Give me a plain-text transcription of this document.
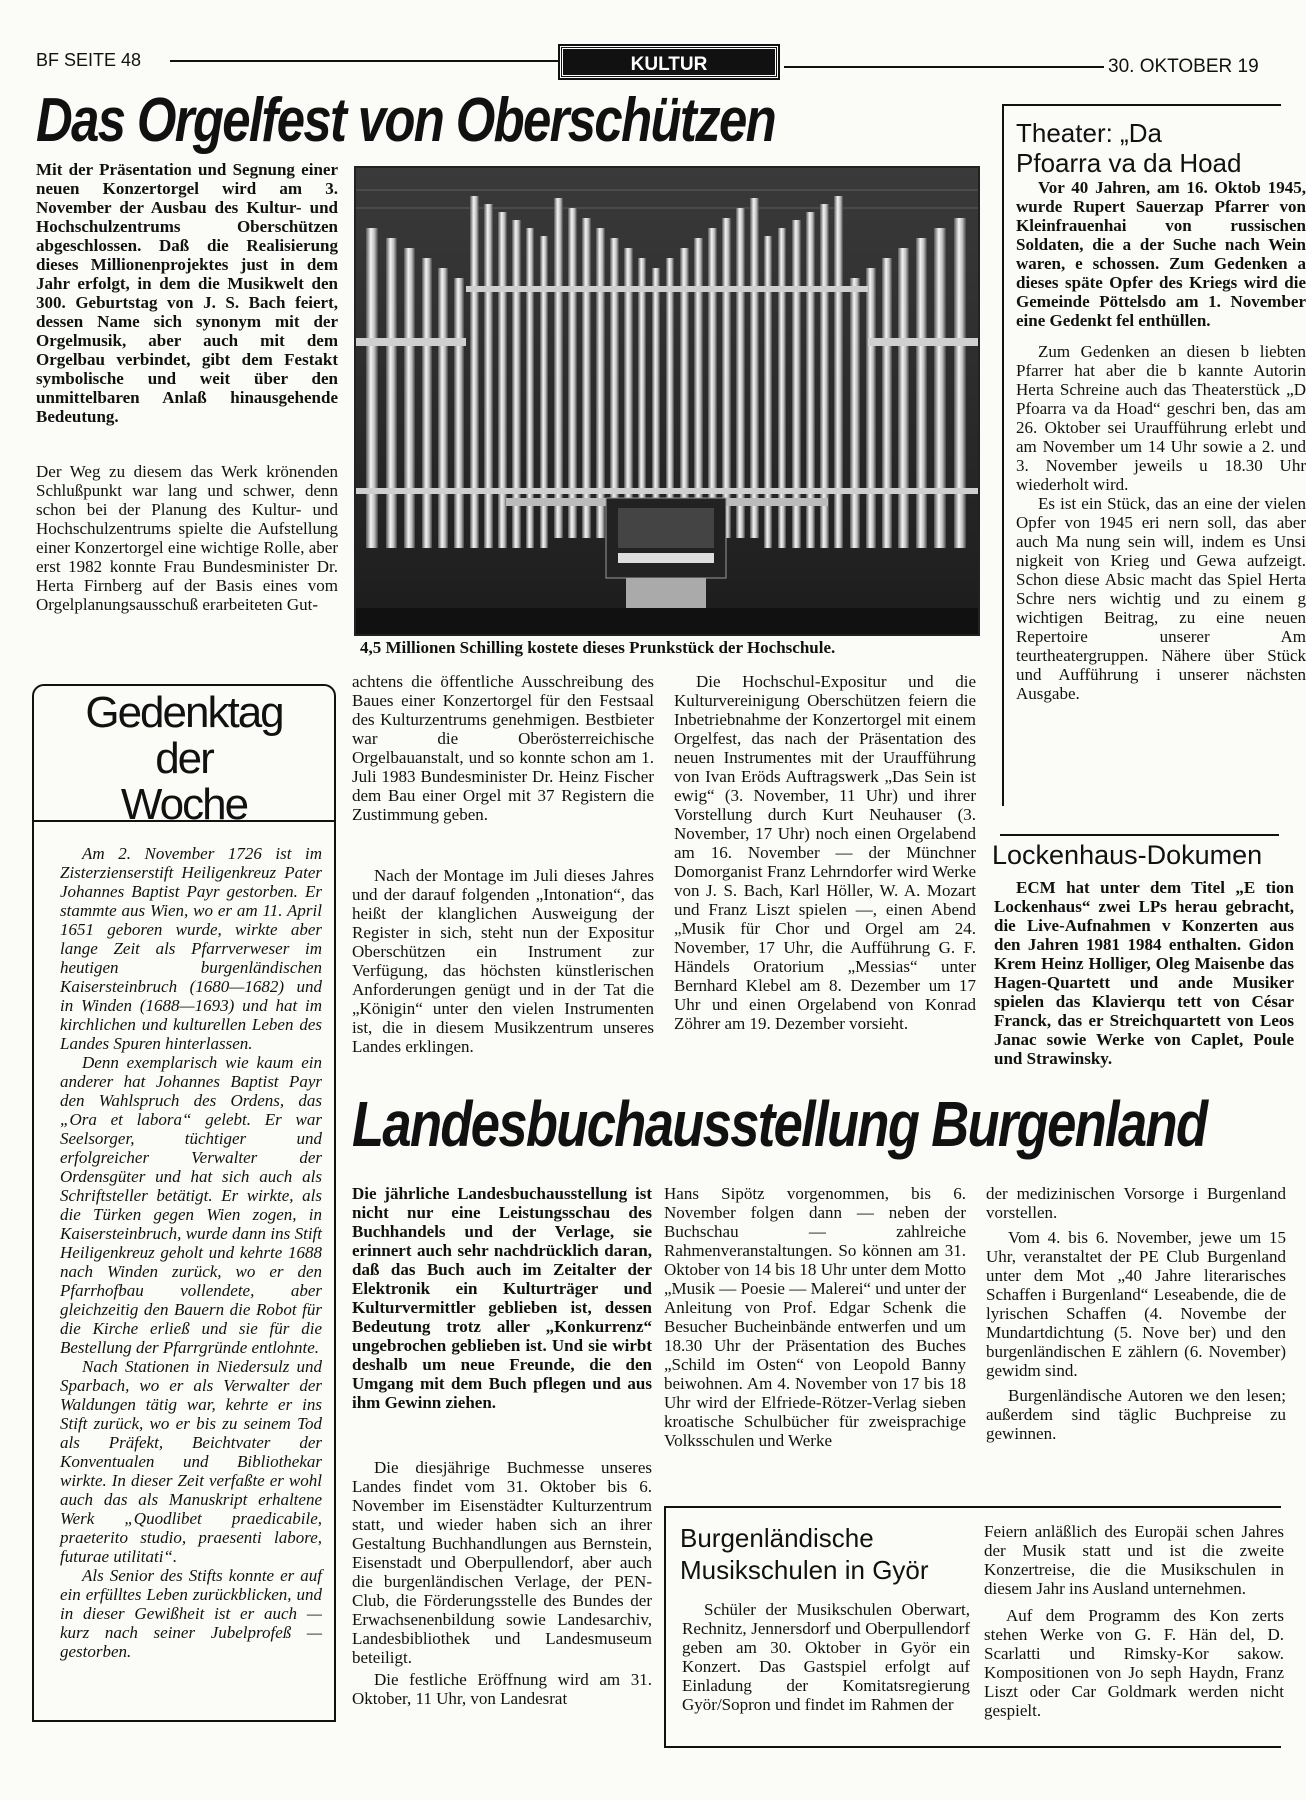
BF SEITE 48	KULTUR	30. OKTOBER 19
Das Orgelfest von Oberschützen

Mit der Präsentation und Segnung einer neuen Konzertorgel wird am 3. November der Ausbau des Kultur- und Hochschulzentrums Oberschützen abgeschlossen. Daß die Realisierung dieses Millionenprojektes just in dem Jahr erfolgt, in dem die Musikwelt den 300. Geburtstag von J. S. Bach feiert, dessen Name sich synonym mit der Orgelmusik, aber auch mit dem Orgelbau verbindet, gibt dem Festakt symbolische und weit über den unmittelbaren Anlaß hinausgehende Bedeutung.

Der Weg zu diesem das Werk krönenden Schlußpunkt war lang und schwer, denn schon bei der Planung des Kultur- und Hochschulzentrums spielte die Aufstellung einer Konzertorgel eine wichtige Rolle, aber erst 1982 konnte Frau Bundesminister Dr. Herta Firnberg auf der Basis eines vom Orgelplanungsausschuß erarbeiteten Gut-

4,5 Millionen Schilling kostete dieses Prunkstück der Hochschule.

achtens die öffentliche Ausschreibung des Baues einer Konzertorgel für den Festsaal des Kulturzentrums genehmigen. Bestbieter war die Oberösterreichische Orgelbauanstalt, und so konnte schon am 1. Juli 1983 Bundesminister Dr. Heinz Fischer dem Bau einer Orgel mit 37 Registern die Zustimmung geben.

Nach der Montage im Juli dieses Jahres und der darauf folgenden „Intonation“, das heißt der klanglichen Ausweigung der Register in sich, steht nun der Expositur Oberschützen ein Instrument zur Verfügung, das höchsten künstlerischen Anforderungen genügt und in der Tat die „Königin“ unter den vielen Instrumenten ist, die in diesem Musikzentrum unseres Landes erklingen.

Die Hochschul-Expositur und die Kulturvereinigung Oberschützen feiern die Inbetriebnahme der Konzertorgel mit einem Orgelfest, das nach der Präsentation des neuen Instrumentes mit der Uraufführung von Ivan Eröds Auftragswerk „Das Sein ist ewig“ (3. November, 11 Uhr) und ihrer Vorstellung durch Kurt Neuhauser (3. November, 17 Uhr) noch einen Orgelabend am 16. November — der Münchner Domorganist Franz Lehrndorfer wird Werke von J. S. Bach, Karl Höller, W. A. Mozart und Franz Liszt spielen —, einen Abend „Musik für Chor und Orgel am 24. November, 17 Uhr, die Aufführung G. F. Händels Oratorium „Messias“ unter Bernhard Klebel am 8. Dezember um 17 Uhr und einen Orgelabend von Konrad Zöhrer am 19. Dezember vorsieht.

Gedenktag
der
Woche

Am 2. November 1726 ist im Zisterzienserstift Heiligenkreuz Pater Johannes Baptist Payr gestorben. Er stammte aus Wien, wo er am 11. April 1651 geboren wurde, wirkte aber lange Zeit als Pfarrverweser im heutigen burgenländischen Kaisersteinbruch (1680—1682) und in Winden (1688—1693) und hat im kirchlichen und kulturellen Leben des Landes Spuren hinterlassen.

Denn exemplarisch wie kaum ein anderer hat Johannes Baptist Payr den Wahlspruch des Ordens, das „Ora et labora“ gelebt. Er war Seelsorger, tüchtiger und erfolgreicher Verwalter der Ordensgüter und hat sich auch als Schriftsteller betätigt. Er wirkte, als die Türken gegen Wien zogen, in Kaisersteinbruch, wurde dann ins Stift Heiligenkreuz geholt und kehrte 1688 nach Winden zurück, wo er den Pfarrhofbau vollendete, aber gleichzeitig den Bauern die Robot für die Kirche erließ und sie für die Bestellung der Pfarrgründe entlohnte.

Nach Stationen in Niedersulz und Sparbach, wo er als Verwalter der Waldungen tätig war, kehrte er ins Stift zurück, wo er bis zu seinem Tod als Präfekt, Beichtvater der Konventualen und Bibliothekar wirkte. In dieser Zeit verfaßte er wohl auch das als Manuskript erhaltene Werk „Quodlibet praedicabile, praeterito studio, praesenti labore, futurae utilitati“.

Als Senior des Stifts konnte er auf ein erfülltes Leben zurückblicken, und in dieser Gewißheit ist er auch — kurz nach seiner Jubelprofeß — gestorben.

Theater: „Da
Pfoarra va da Hoad

Vor 40 Jahren, am 16. Oktob 1945, wurde Rupert Sauerzap Pfarrer von Kleinfrauenhai von russischen Soldaten, die a der Suche nach Wein waren, e schossen. Zum Gedenken a dieses späte Opfer des Kriegs wird die Gemeinde Pöttelsdo am 1. November eine Gedenkt fel enthüllen.

Zum Gedenken an diesen b liebten Pfarrer hat aber die b kannte Autorin Herta Schreine auch das Theaterstück „D Pfoarra va da Hoad“ geschri ben, das am 26. Oktober sei Uraufführung erlebt und am November um 14 Uhr sowie a 2. und 3. November jeweils u 18.30 Uhr wiederholt wird.

Es ist ein Stück, das an eine der vielen Opfer von 1945 eri nern soll, das aber auch Ma nung sein will, indem es Unsi nigkeit von Krieg und Gewa aufzeigt. Schon diese Absic macht das Spiel Herta Schre ners wichtig und zu einem g wichtigen Beitrag, zu eine neuen Repertoire unserer Am teurtheatergruppen. Nähere über Stück und Aufführung i unserer nächsten Ausgabe.

Lockenhaus-Dokumen

ECM hat unter dem Titel „E tion Lockenhaus“ zwei LPs herau gebracht, die Live-Aufnahmen v Konzerten aus den Jahren 1981 1984 enthalten. Gidon Krem Heinz Holliger, Oleg Maisenbe das Hagen-Quartett und ande Musiker spielen das Klavierqu tett von César Franck, das er Streichquartett von Leos Janac sowie Werke von Caplet, Poule und Strawinsky.

Landesbuchausstellung Burgenland

Die jährliche Landesbuchausstellung ist nicht nur eine Leistungsschau des Buchhandels und der Verlage, sie erinnert auch sehr nachdrücklich daran, daß das Buch auch im Zeitalter der Elektronik ein Kulturträger und Kulturvermittler geblieben ist, dessen Bedeutung trotz aller „Konkurrenz“ ungebrochen geblieben ist. Und sie wirbt deshalb um neue Freunde, die den Umgang mit dem Buch pflegen und aus ihm Gewinn ziehen.

Die diesjährige Buchmesse unseres Landes findet vom 31. Oktober bis 6. November im Eisenstädter Kulturzentrum statt, und wieder haben sich an ihrer Gestaltung Buchhandlungen aus Bernstein, Eisenstadt und Oberpullendorf, aber auch die burgenländischen Verlage, der PEN-Club, die Förderungsstelle des Bundes der Erwachsenenbildung sowie Landesarchiv, Landesbibliothek und Landesmuseum beteiligt.

Die festliche Eröffnung wird am 31. Oktober, 11 Uhr, von Landesrat

Hans Sipötz vorgenommen, bis 6. November folgen dann — neben der Buchschau — zahlreiche Rahmenveranstaltungen. So können am 31. Oktober von 14 bis 18 Uhr unter dem Motto „Musik — Poesie — Malerei“ und unter der Anleitung von Prof. Edgar Schenk die Besucher Bucheinbände entwerfen und um 18.30 Uhr der Präsentation des Buches „Schild im Osten“ von Leopold Banny beiwohnen. Am 4. November von 17 bis 18 Uhr wird der Elfriede-Rötzer-Verlag sieben kroatische Schulbücher für zweisprachige Volksschulen und Werke

der medizinischen Vorsorge i Burgenland vorstellen.

Vom 4. bis 6. November, jewe um 15 Uhr, veranstaltet der PE Club Burgenland unter dem Mot „40 Jahre literarisches Schaffen i Burgenland“ Leseabende, die de lyrischen Schaffen (4. Novembe der Mundartdichtung (5. Nove ber) und den burgenländischen E zählern (6. November) gewidm sind.

Burgenländische Autoren we den lesen; außerdem sind täglic Buchpreise zu gewinnen.

Burgenländische
Musikschulen in Györ

Schüler der Musikschulen Oberwart, Rechnitz, Jennersdorf und Oberpullendorf geben am 30. Oktober in Györ ein Konzert. Das Gastspiel erfolgt auf Einladung der Komitatsregierung Györ/Sopron und findet im Rahmen der

Feiern anläßlich des Europäi schen Jahres der Musik statt und ist die zweite Konzertreise, die die Musikschulen in diesem Jahr ins Ausland unternehmen.

Auf dem Programm des Kon zerts stehen Werke von G. F. Hän del, D. Scarlatti und Rimsky-Kor sakow. Kompositionen von Jo seph Haydn, Franz Liszt oder Car Goldmark werden nicht gespielt.
